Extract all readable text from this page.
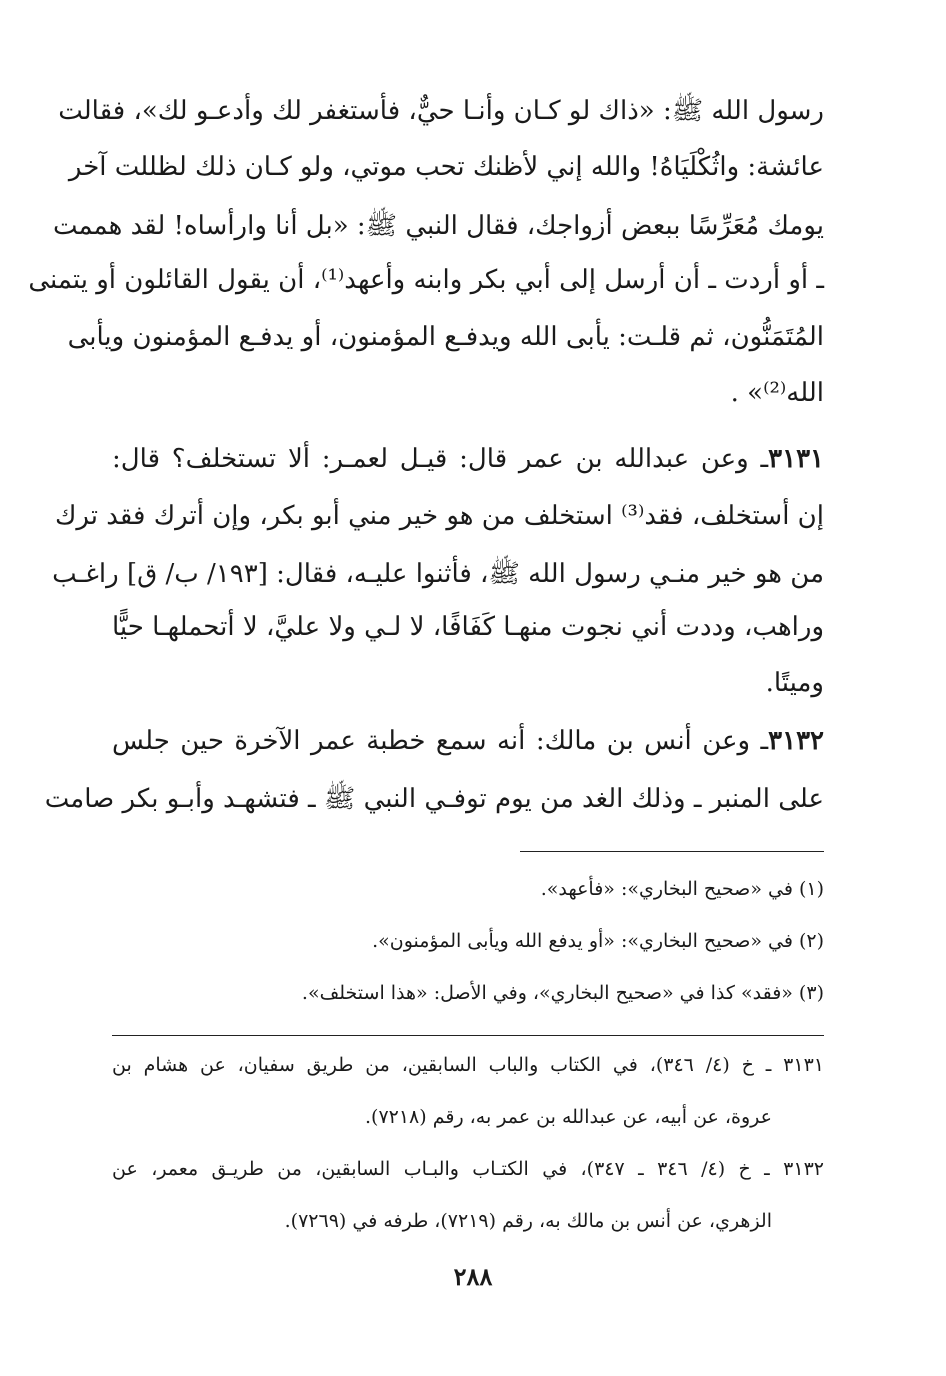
رسول الله ﷺ: «ذاك لو كـان وأنـا حيٌّ، فأستغفر لك وأدعـو لك»، فقالت
عائشة: واثُكْلَيَاهُ! والله إني لأظنك تحب موتي، ولو كـان ذلك لظللت آخر
يومك مُعَرِّسًا ببعض أزواجك، فقال النبي ﷺ: «بل أنا وارأساه! لقد هممت
ـ أو أردت ـ أن أرسل إلى أبي بكر وابنه وأعهد⁽¹⁾، أن يقول القائلون أو يتمنى
المُتَمَنُّون، ثم قلـت: يأبى الله ويدفـع المؤمنون، أو يدفـع المؤمنون ويأبى
الله⁽²⁾» .
٣١٣١ـ وعن عبدالله بن عمر قال: قيـل لعمـر: ألا تستخلف؟ قال:
إن أستخلف، فقد⁽³⁾ استخلف من هو خير مني أبو بكر، وإن أترك فقد ترك
من هو خير منـي رسول الله ﷺ، فأثنوا عليـه، فقال: [١٩٣/ ب/ ق] راغـب
وراهب، وددت أني نجوت منهـا كَفَافًا، لا لـي ولا عليَّ، لا أتحملهـا حيًّا
وميتًا.
٣١٣٢ـ وعن أنس بن مالك: أنه سمع خطبة عمر الآخرة حين جلس
على المنبر ـ وذلك الغد من يوم توفـي النبي ﷺ ـ فتشهـد وأبـو بكر صامت
(١) في «صحيح البخاري»: «فأعهد».
(٢) في «صحيح البخاري»: «أو يدفع الله ويأبى المؤمنون».
(٣) «فقد» كذا في «صحيح البخاري»، وفي الأصل: «هذا استخلف».
٣١٣١ ـ خ (٤/ ٣٤٦)، في الكتاب والباب السابقين، من طريق سفيان، عن هشام بن
عروة، عن أبيه، عن عبدالله بن عمر به، رقم (٧٢١٨).
٣١٣٢ ـ خ (٤/ ٣٤٦ ـ ٣٤٧)، في الكتـاب والبـاب السابقين، من طريـق معمر، عن
الزهري، عن أنس بن مالك به، رقم (٧٢١٩)، طرفه في (٧٢٦٩).
٢٨٨
